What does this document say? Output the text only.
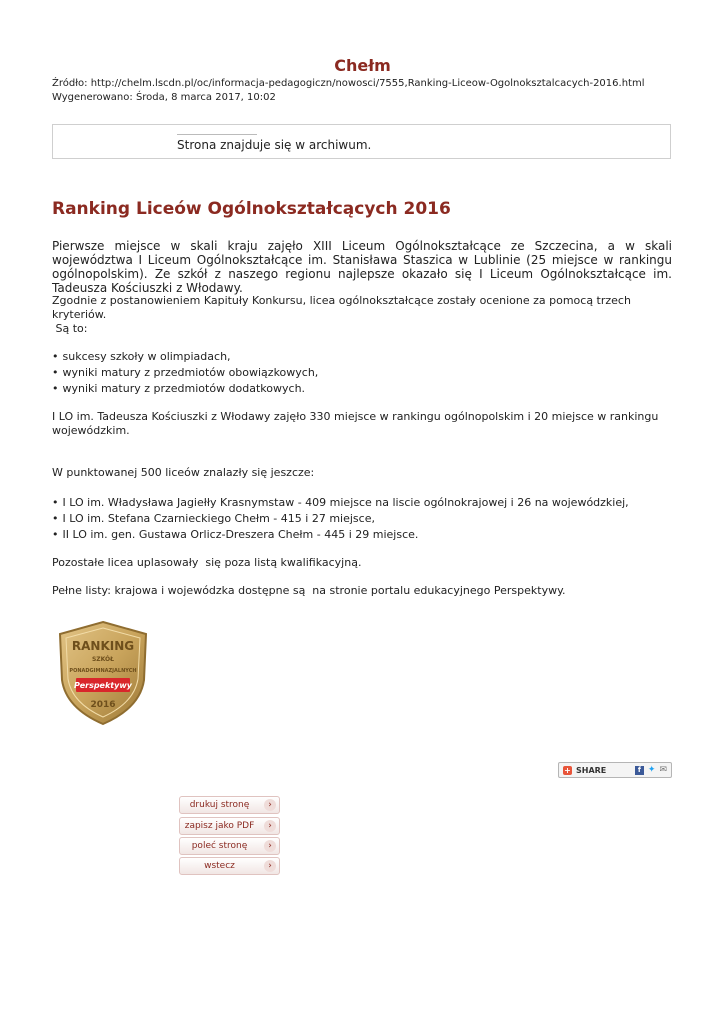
Chełm
Źródło: http://chelm.lscdn.pl/oc/informacja-pedagogiczn/nowosci/7555,Ranking-Liceow-Ogolnoksztalcacych-2016.html
Wygenerowano: Środa, 8 marca 2017, 10:02
Strona znajduje się w archiwum.
Ranking Liceów Ogólnokształcących 2016

Pierwsze miejsce w skali kraju zajęło XIII Liceum Ogólnokształcące ze Szczecina, a w skali województwa I Liceum Ogólnokształcące im. Stanisława Staszica w Lublinie (25 miejsce w rankingu ogólnopolskim). Ze szkół z naszego regionu najlepsze okazało się I Liceum Ogólnokształcące im. Tadeusza Kościuszki z Włodawy.

Zgodnie z postanowieniem Kapituły Konkursu, licea ogólnokształcące zostały ocenione za pomocą trzech kryteriów.

Są to:

• sukcesy szkoły w olimpiadach,
• wyniki matury z przedmiotów obowiązkowych,
• wyniki matury z przedmiotów dodatkowych.

I LO im. Tadeusza Kościuszki z Włodawy zajęło 330 miejsce w rankingu ogólnopolskim i 20 miejsce w rankingu wojewódzkim.

W punktowanej 500 liceów znalazły się jeszcze:

• I LO im. Władysława Jagiełły Krasnymstaw - 409 miejsce na liscie ogólnokrajowej i 26 na wojewódzkiej,
• I LO im. Stefana Czarnieckiego Chełm - 415 i 27 miejsce,
• II LO im. gen. Gustawa Orlicz-Dreszera Chełm - 445 i 29 miejsce.

Pozostałe licea uplasowały  się poza listą kwalifikacyjną.

Pełne listy: krajowa i wojewódzka dostępne są  na stronie portalu edukacyjnego Perspektywy.

RANKING
SZKÓŁ
PONADGIMNAZJALNYCH
Perspektywy
2016
+ SHARE	f ✦ ✉
drukuj stronę	›
zapisz jako PDF	›
poleć stronę	›
wstecz	›
